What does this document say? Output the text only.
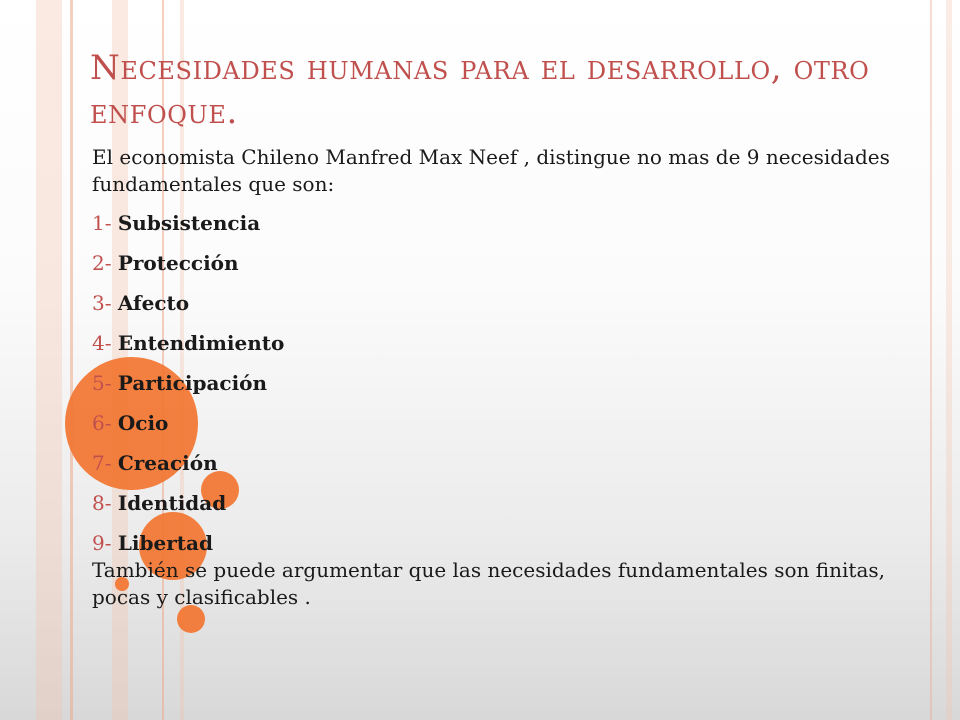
Necesidades humanas para el desarrollo, otro enfoque.

El economista Chileno Manfred Max Neef , distingue no mas de 9 necesidades fundamentales que son:

1- Subsistencia
2- Protección
3- Afecto
4- Entendimiento
5- Participación
6- Ocio
7- Creación
8- Identidad
9- Libertad

También se puede argumentar que las necesidades fundamentales son finitas, pocas y clasificables .
